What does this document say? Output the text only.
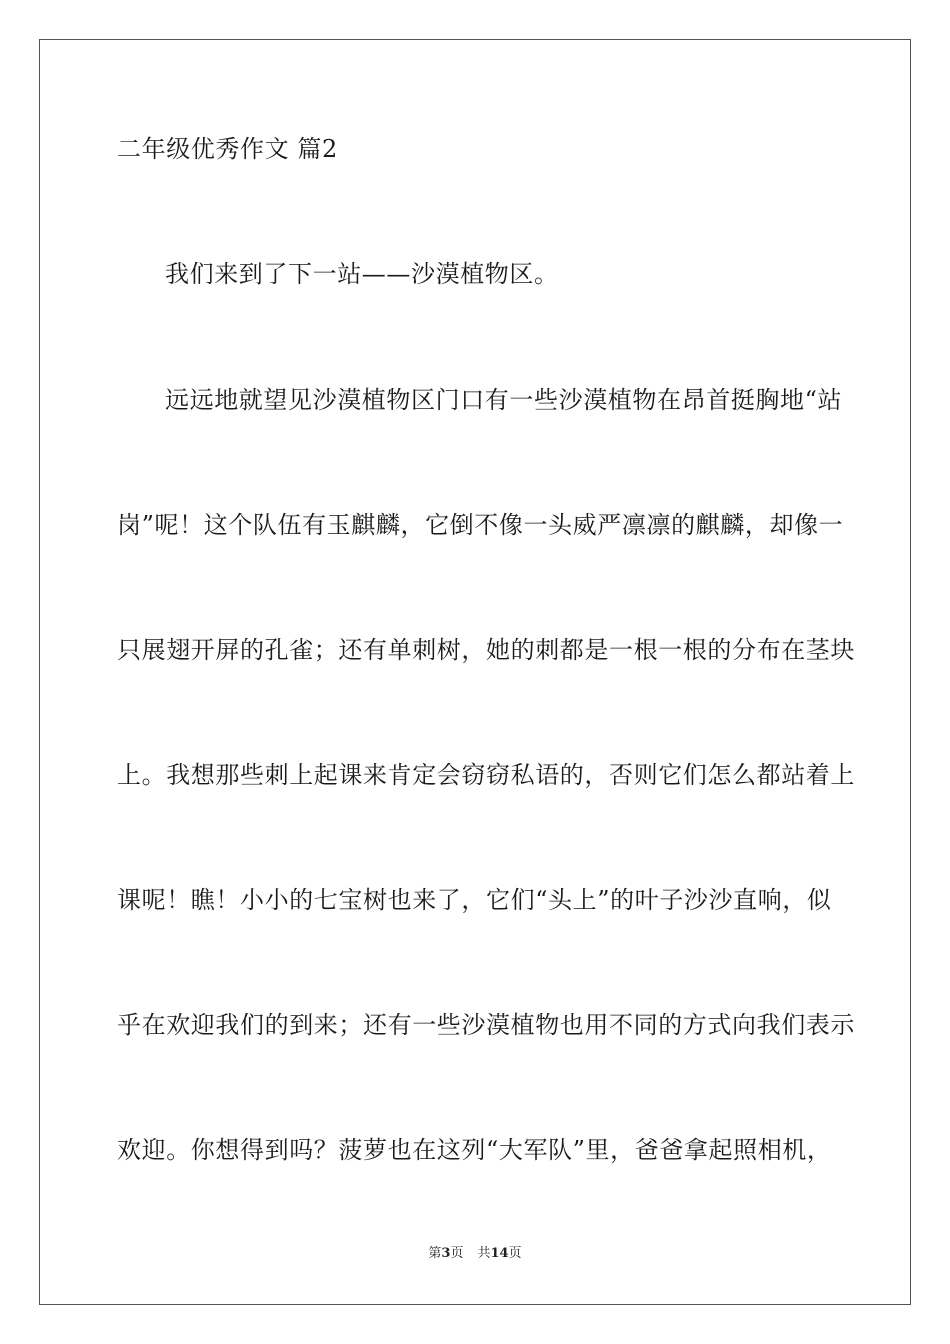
二年级优秀作文 篇2
我们来到了下一站——沙漠植物区。
远远地就望见沙漠植物区门口有一些沙漠植物在昂首挺胸地“站
岗”呢！这个队伍有玉麒麟，它倒不像一头威严凛凛的麒麟，却像一
只展翅开屏的孔雀；还有单刺树，她的刺都是一根一根的分布在茎块
上。我想那些刺上起课来肯定会窃窃私语的，否则它们怎么都站着上
课呢！瞧！小小的七宝树也来了，它们“头上”的叶子沙沙直响，似
乎在欢迎我们的到来；还有一些沙漠植物也用不同的方式向我们表示
欢迎。你想得到吗？菠萝也在这列“大军队”里，爸爸拿起照相机，
第3页 共14页
